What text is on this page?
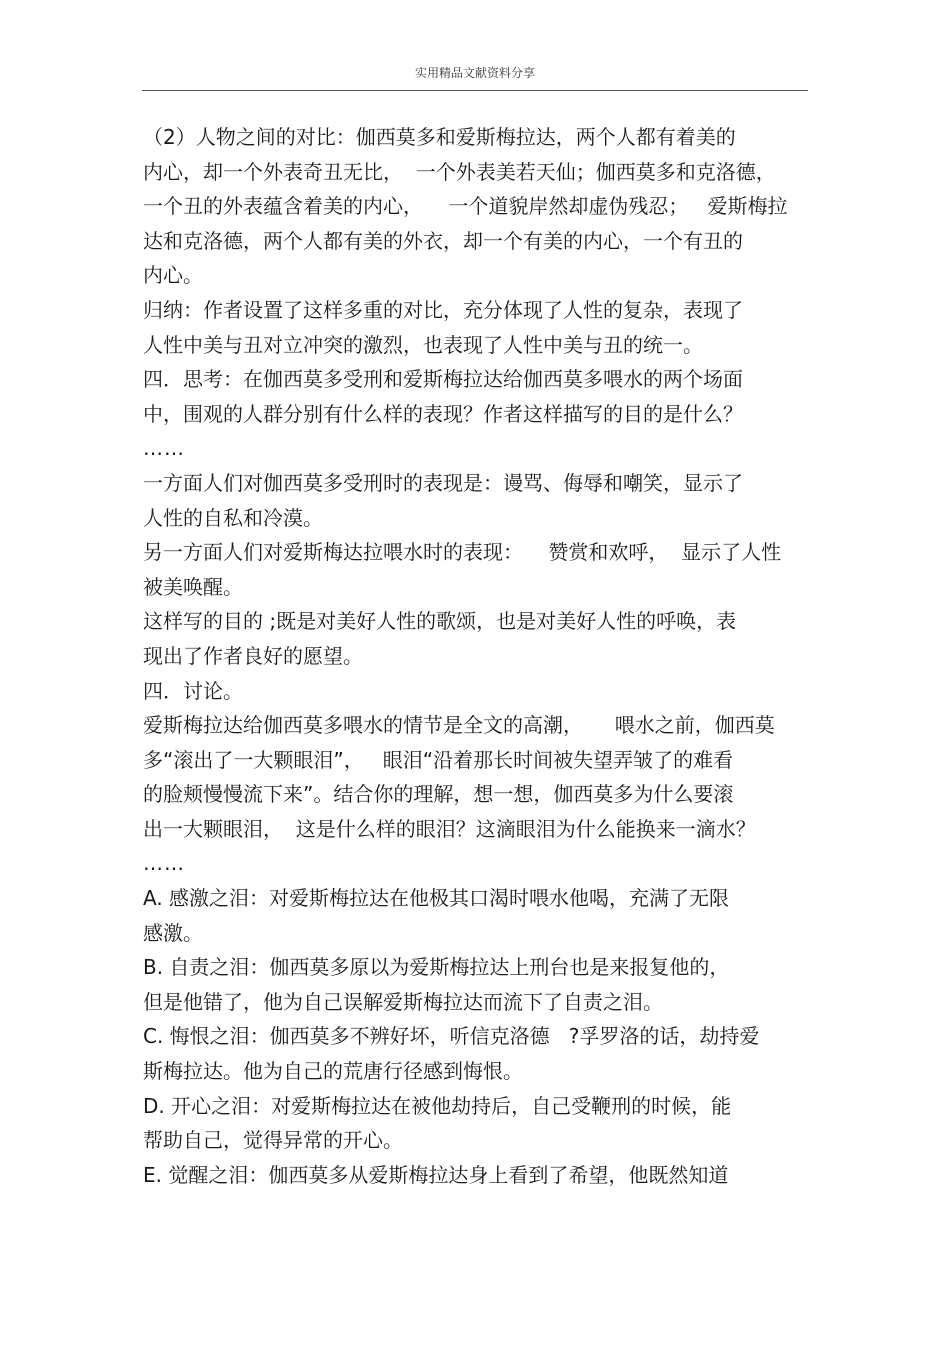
实用精品文献资料分享
（2）人物之间的对比：伽西莫多和爱斯梅拉达，两个人都有着美的
内心，却一个外表奇丑无比，  一个外表美若天仙；伽西莫多和克洛德，
一个丑的外表蕴含着美的内心，    一个道貌岸然却虚伪残忍；   爱斯梅拉
达和克洛德，两个人都有美的外衣，却一个有美的内心，一个有丑的
内心。
归纳：作者设置了这样多重的对比，充分体现了人性的复杂，表现了
人性中美与丑对立冲突的激烈，也表现了人性中美与丑的统一。
四．思考：在伽西莫多受刑和爱斯梅拉达给伽西莫多喂水的两个场面
中，围观的人群分别有什么样的表现？作者这样描写的目的是什么？
……
一方面人们对伽西莫多受刑时的表现是：谩骂、侮辱和嘲笑，显示了
人性的自私和冷漠。
另一方面人们对爱斯梅达拉喂水时的表现：    赞赏和欢呼，  显示了人性
被美唤醒。
这样写的目的 ;既是对美好人性的歌颂，也是对美好人性的呼唤，表
现出了作者良好的愿望。
四．讨论。
爱斯梅拉达给伽西莫多喂水的情节是全文的高潮，     喂水之前，伽西莫
多“滚出了一大颗眼泪”，   眼泪“沿着那长时间被失望弄皱了的难看
的脸颊慢慢流下来”。结合你的理解，想一想，伽西莫多为什么要滚
出一大颗眼泪，  这是什么样的眼泪？这滴眼泪为什么能换来一滴水？
……
A. 感激之泪：对爱斯梅拉达在他极其口渴时喂水他喝，充满了无限
感激。
B. 自责之泪：伽西莫多原以为爱斯梅拉达上刑台也是来报复他的，
但是他错了，他为自己误解爱斯梅拉达而流下了自责之泪。
C. 悔恨之泪：伽西莫多不辨好坏，听信克洛德   ?孚罗洛的话，劫持爱
斯梅拉达。他为自己的荒唐行径感到悔恨。
D. 开心之泪：对爱斯梅拉达在被他劫持后，自己受鞭刑的时候，能
帮助自己，觉得异常的开心。
E. 觉醒之泪：伽西莫多从爱斯梅拉达身上看到了希望，他既然知道
